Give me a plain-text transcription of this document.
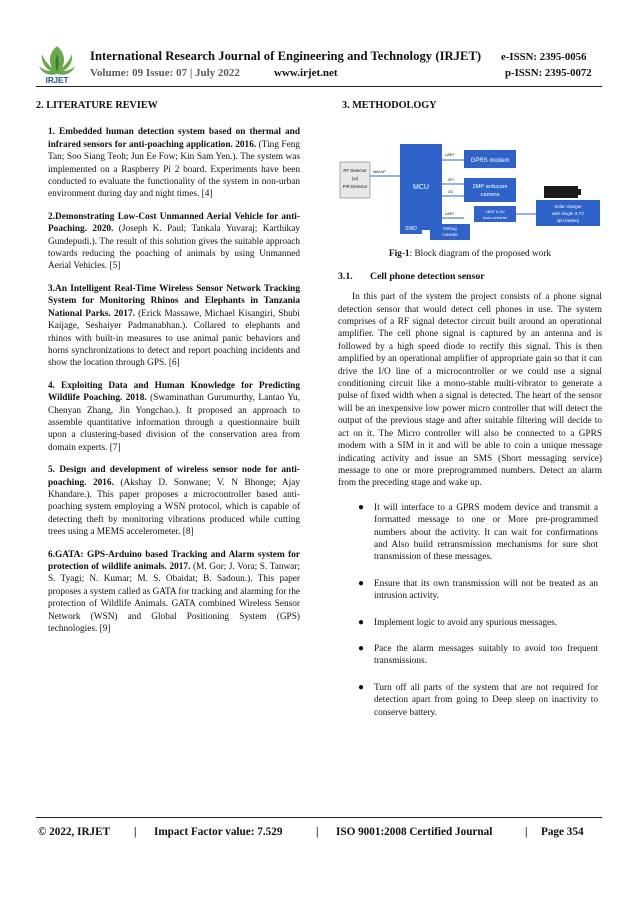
IRJET
International Research Journal of Engineering and Technology (IRJET) e-ISSN: 2395-0056
Volume: 09 Issue: 07 | July 2022	www.irjet.net	p-ISSN: 2395-0072
2. LITERATURE REVIEW
1. Embedded human detection system based on thermal and infrared sensors for anti-poaching application. 2016. (Ting Feng Tan; Soo Siang Teoh; Jun Ee Fow; Kin Sam Yen.). The system was implemented on a Raspberry Pi 2 board. Experiments have been conducted to evaluate the functionality of the system in non-urban environment during day and night times. [4]
2.Demonstrating Low-Cost Unmanned Aerial Vehicle for anti- Poaching. 2020. (Joseph K. Paul; Tankala Yuvaraj; Karthikay Gundepudi.). The result of this solution gives the suitable approach towards reducing the poaching of animals by using Unmanned Aerial Vehicles. [5]
3.An Intelligent Real-Time Wireless Sensor Network Tracking System for Monitoring Rhinos and Elephants in Tanzania National Parks. 2017. (Erick Massawe, Michael Kisangiri, Shubi Kaijage, Seshaiyer Padmanabhan.). Collared to elephants and rhinos with built-in measures to use animal panic behaviors and horns synchronizations to detect and report poaching incidents and show the location through GPS. [6]
4. Exploiting Data and Human Knowledge for Predicting Wildlife Poaching. 2018. (Swaminathan Gurumurthy, Lantao Yu, Chenyan Zhang, Jin Yongchao.). It proposed an approach to assemble quantitative information through a questionnaire built upon a clustering-based division of the conservation area from domain experts. [7]
5. Design and development of wireless sensor node for anti- poaching. 2016. (Akshay D. Sonwane; V. N Bhonge; Ajay Khandare.). This paper proposes a microcontroller based anti- poaching system employing a WSN protocol, which is capable of detecting theft by monitoring vibrations produced while cutting trees using a MEMS accelerometer. [8]
6.GATA: GPS-Arduino based Tracking and Alarm system for protection of wildlife animals. 2017. (M. Gor; J. Vora; S. Tanwar; S. Tyagi; N. Kumar; M. S. Obaidat; B. Sadoun.). This paper proposes a system called as GATA for tracking and alarming for the protection of Wildlife Animals. GATA combined Wireless Sensor Network (WSN) and Global Positioning System (GPS) technologies. [9]
3. METHODOLOGY
RF Detector
(or)
PIR Detector
WAKUP
MCU
UART
GPRS modem
SPI
I2C
2MP arducam
camera
VBAT to 5V
boot converter
UART
SWD	Debug
console
Solar charger
with single 3.7V
lipo battery
Fig-1: Block diagram of the proposed work
3.1. Cell phone detection sensor
In this part of the system the project consists of a phone signal detection sensor that would detect cell phones in use. The system comprises of a RF signal detector circuit built around an operational amplifier. The cell phone signal is captured by an antenna and is followed by a high speed diode to rectify this signal. This is then amplified by an operational amplifier of appropriate gain so that it can drive the I/O line of a microcontroller or we could use a signal conditioning circuit like a mono-stable multi-vibrator to generate a pulse of fixed width when a signal is detected. The heart of the sensor will be an inexpensive low power micro controller that will detect the output of the previous stage and after suitable filtering will decide to act on it. The Micro controller will also be connected to a GPRS modem with a SIM in it and will be able to coin a unique message indicating activity and issue an SMS (Short messaging service) message to one or more preprogrammed numbers. Detect an alarm from the preceding stage and wake up.
● It will interface to a GPRS modem device and transmit a formatted message to one or More pre-programmed numbers about the activity. It can wait for confirmations and Also build retransmission mechanisms for sure shot transmission of these messages.
● Ensure that its own transmission will not be treated as an intrusion activity.
● Implement logic to avoid any spurious messages.
● Pace the alarm messages suitably to avoid too frequent transmissions.
● Turn off all parts of the system that are not required for detection apart from going to Deep sleep on inactivity to conserve battery.
© 2022, IRJET | Impact Factor value: 7.529	| ISO 9001:2008 Certified Journal	| Page 354
